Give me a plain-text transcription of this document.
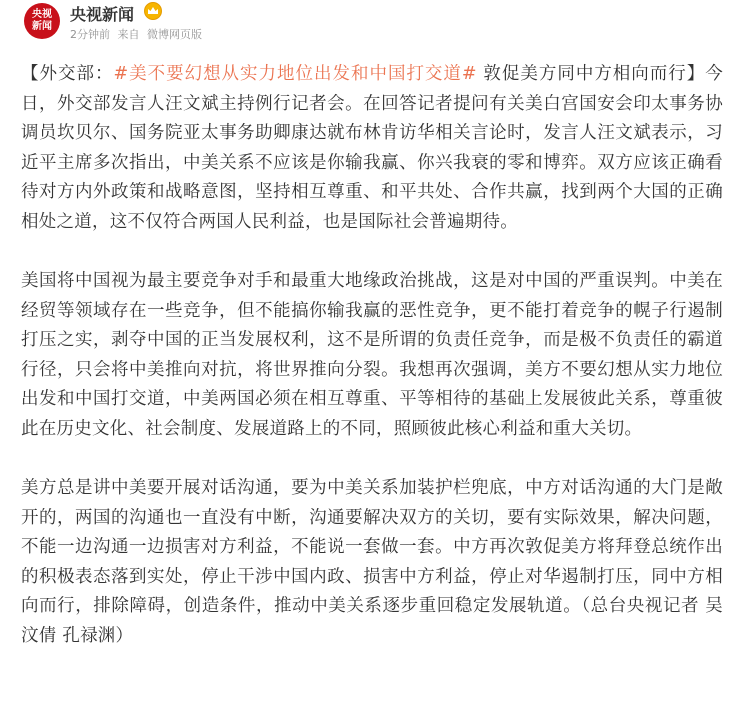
央视
新闻
央视新闻
2分钟前 来自 微博网页版

【外交部：#美不要幻想从实力地位出发和中国打交道# 敦促美方同中方相向而行】今日，外交部发言人汪文斌主持例行记者会。在回答记者提问有关美白宫国安会印太事务协调员坎贝尔、国务院亚太事务助卿康达就布林肯访华相关言论时，发言人汪文斌表示，习近平主席多次指出，中美关系不应该是你输我赢、你兴我衰的零和博弈。双方应该正确看待对方内外政策和战略意图，坚持相互尊重、和平共处、合作共赢，找到两个大国的正确相处之道，这不仅符合两国人民利益，也是国际社会普遍期待。

美国将中国视为最主要竞争对手和最重大地缘政治挑战，这是对中国的严重误判。中美在经贸等领域存在一些竞争，但不能搞你输我赢的恶性竞争，更不能打着竞争的幌子行遏制打压之实，剥夺中国的正当发展权利，这不是所谓的负责任竞争，而是极不负责任的霸道行径，只会将中美推向对抗，将世界推向分裂。我想再次强调，美方不要幻想从实力地位出发和中国打交道，中美两国必须在相互尊重、平等相待的基础上发展彼此关系，尊重彼此在历史文化、社会制度、发展道路上的不同，照顾彼此核心利益和重大关切。

美方总是讲中美要开展对话沟通，要为中美关系加装护栏兜底，中方对话沟通的大门是敞开的，两国的沟通也一直没有中断，沟通要解决双方的关切，要有实际效果，解决问题，不能一边沟通一边损害对方利益，不能说一套做一套。中方再次敦促美方将拜登总统作出的积极表态落到实处，停止干涉中国内政、损害中方利益，停止对华遏制打压，同中方相向而行，排除障碍，创造条件，推动中美关系逐步重回稳定发展轨道。（总台央视记者 吴汶倩 孔禄渊）
